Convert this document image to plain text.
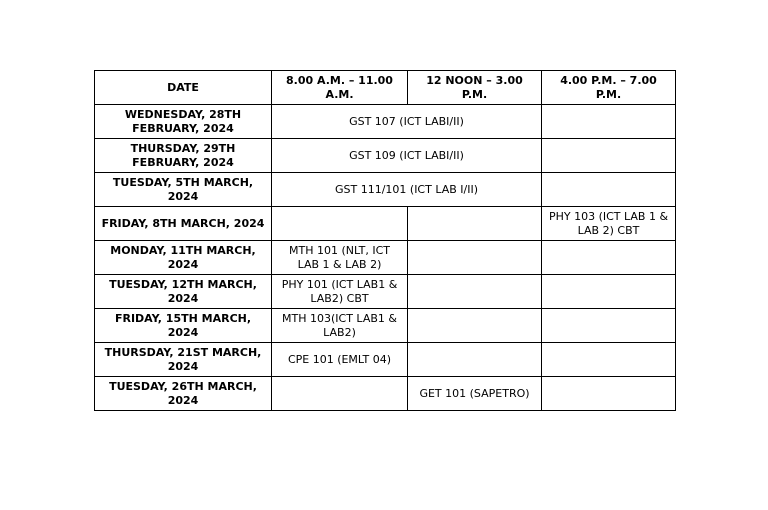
DATE	8.00 A.M. – 11.00 A.M.	12 NOON – 3.00 P.M.	4.00 P.M. – 7.00 P.M.
WEDNESDAY, 28TH FEBRUARY, 2024	GST 107 (ICT LABI/II)		
THURSDAY, 29TH FEBRUARY, 2024	GST 109 (ICT LABI/II)		
TUESDAY, 5TH MARCH, 2024	GST 111/101 (ICT LAB I/II)		
FRIDAY, 8TH MARCH, 2024			PHY 103 (ICT LAB 1 & LAB 2) CBT
MONDAY, 11TH MARCH, 2024	MTH 101 (NLT, ICT LAB 1 & LAB 2)		
TUESDAY, 12TH MARCH, 2024	PHY 101 (ICT LAB1 & LAB2) CBT		
FRIDAY, 15TH MARCH, 2024	MTH 103(ICT LAB1 & LAB2)		
THURSDAY, 21ST MARCH, 2024	CPE 101 (EMLT 04)		
TUESDAY, 26TH MARCH, 2024		GET 101 (SAPETRO)	
